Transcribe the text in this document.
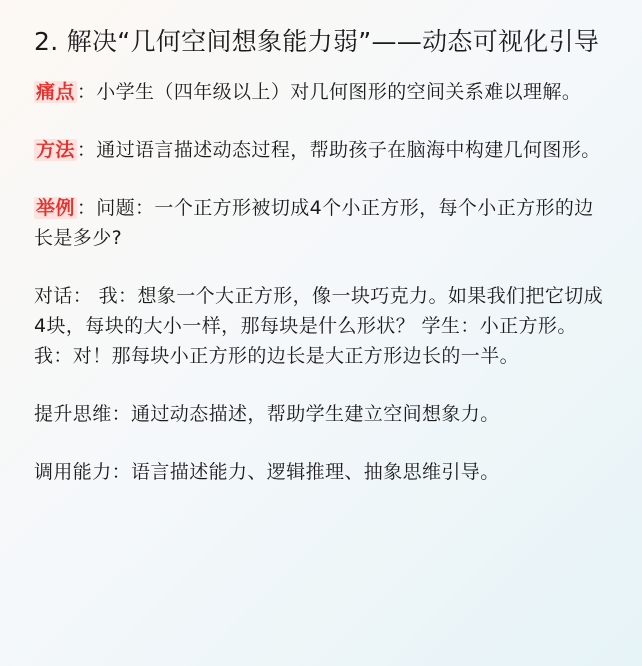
2. 解决“几何空间想象能力弱”——动态可视化引导
痛点 ：小学生（四年级以上）对几何图形的空间关系难以理解。
方法 ：通过语言描述动态过程，帮助孩子在脑海中构建几何图形。
举例 ：问题：一个正方形被切成4个小正方形，每个小正方形的边长是多少?
对话： 我：想象一个大正方形，像一块巧克力。如果我们把它切成4块，每块的大小一样，那每块是什么形状？ 学生：小正方形。 我：对！那每块小正方形的边长是大正方形边长的一半。
提升思维：通过动态描述，帮助学生建立空间想象力。
调用能力：语言描述能力、逻辑推理、抽象思维引导。
